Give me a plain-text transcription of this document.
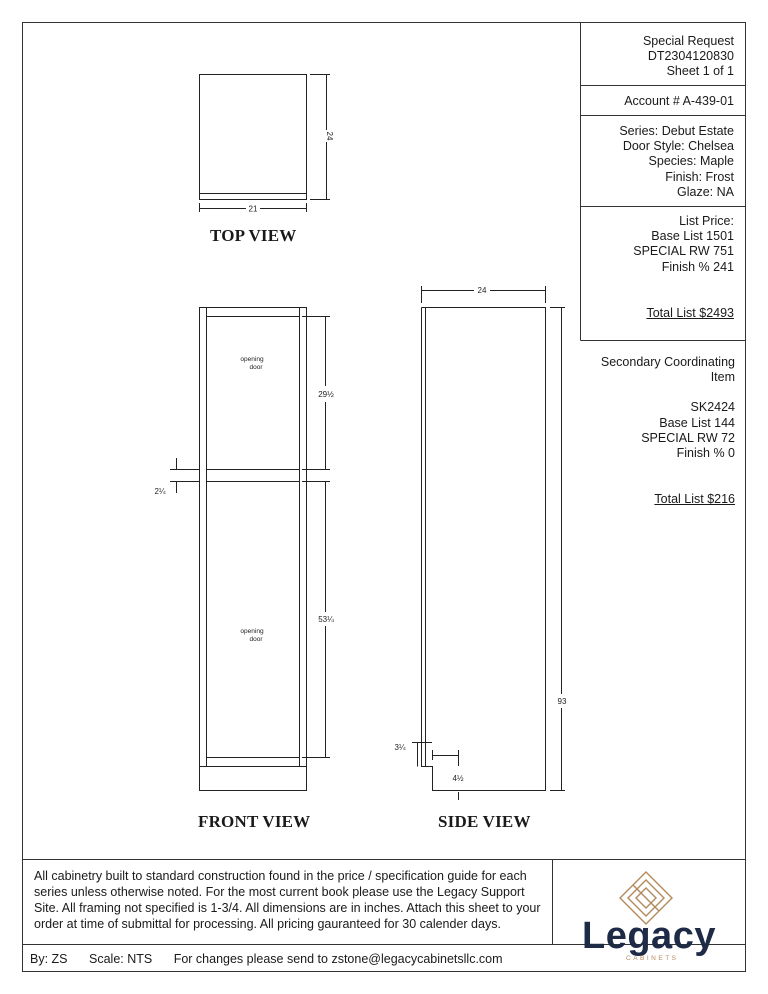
21
24
29½
53¼
2¼
opening
door
opening
door
24
93
3¼
4½
Special Request
DT2304120830
Sheet 1 of 1
Account # A-439-01
Series: Debut Estate
Door Style: Chelsea
Species: Maple
Finish: Frost
Glaze: NA
List Price:
Base List 1501
SPECIAL RW 751
Finish % 241
Total List $2493
Secondary Coordinating
Item
SK2424
Base List 144
SPECIAL RW 72
Finish % 0
Total List $216
TOP VIEW
FRONT VIEW	SIDE VIEW
All cabinetry built to standard construction found in the price / specification guide for each series unless otherwise noted. For the most current book please use the Legacy Support Site. All framing not specified is 1-3/4. All dimensions are in inches. Attach this sheet to your order at time of submittal for processing. All pricing gauranteed for 30 calender days.
By: ZS Scale: NTS For changes please send to zstone@legacycabinetsllc.com
Legacy
CABINETS
